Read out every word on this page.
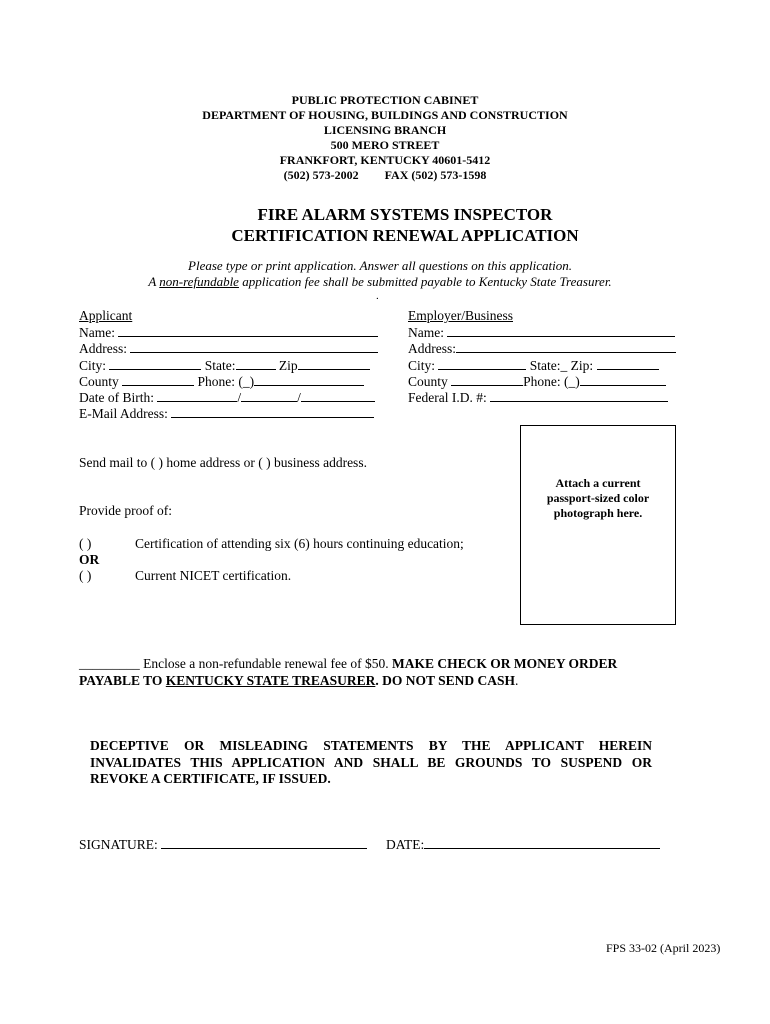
PUBLIC PROTECTION CABINET
DEPARTMENT OF HOUSING, BUILDINGS AND CONSTRUCTION
LICENSING BRANCH
500 MERO STREET
FRANKFORT, KENTUCKY 40601-5412
(502) 573-2002 FAX (502) 573-1598
FIRE ALARM SYSTEMS INSPECTOR
CERTIFICATION RENEWAL APPLICATION
Please type or print application. Answer all questions on this application.
A non-refundable application fee shall be submitted payable to Kentucky State Treasurer.
.
Applicant
Name:
Address:
City:	State:	Zip
County	Phone: (_)
Date of Birth:	/	/
E-Mail Address:
Employer/Business
Name:
Address:
City:	State:_ Zip:
County	Phone: (_)
Federal I.D. #:
Attach a current
passport-sized color
photograph here.
Send mail to ( ) home address or ( ) business address.
Provide proof of:
( )	Certification of attending six (6) hours continuing education;
OR
( )	Current NICET certification.
_________ Enclose a non-refundable renewal fee of $50. MAKE CHECK OR MONEY ORDER
PAYABLE TO KENTUCKY STATE TREASURER. DO NOT SEND CASH.
DECEPTIVE OR MISLEADING STATEMENTS BY THE APPLICANT HEREIN INVALIDATES THIS APPLICATION AND SHALL BE GROUNDS TO SUSPEND OR REVOKE A CERTIFICATE, IF ISSUED.
SIGNATURE:	DATE:
FPS 33-02 (April 2023)
